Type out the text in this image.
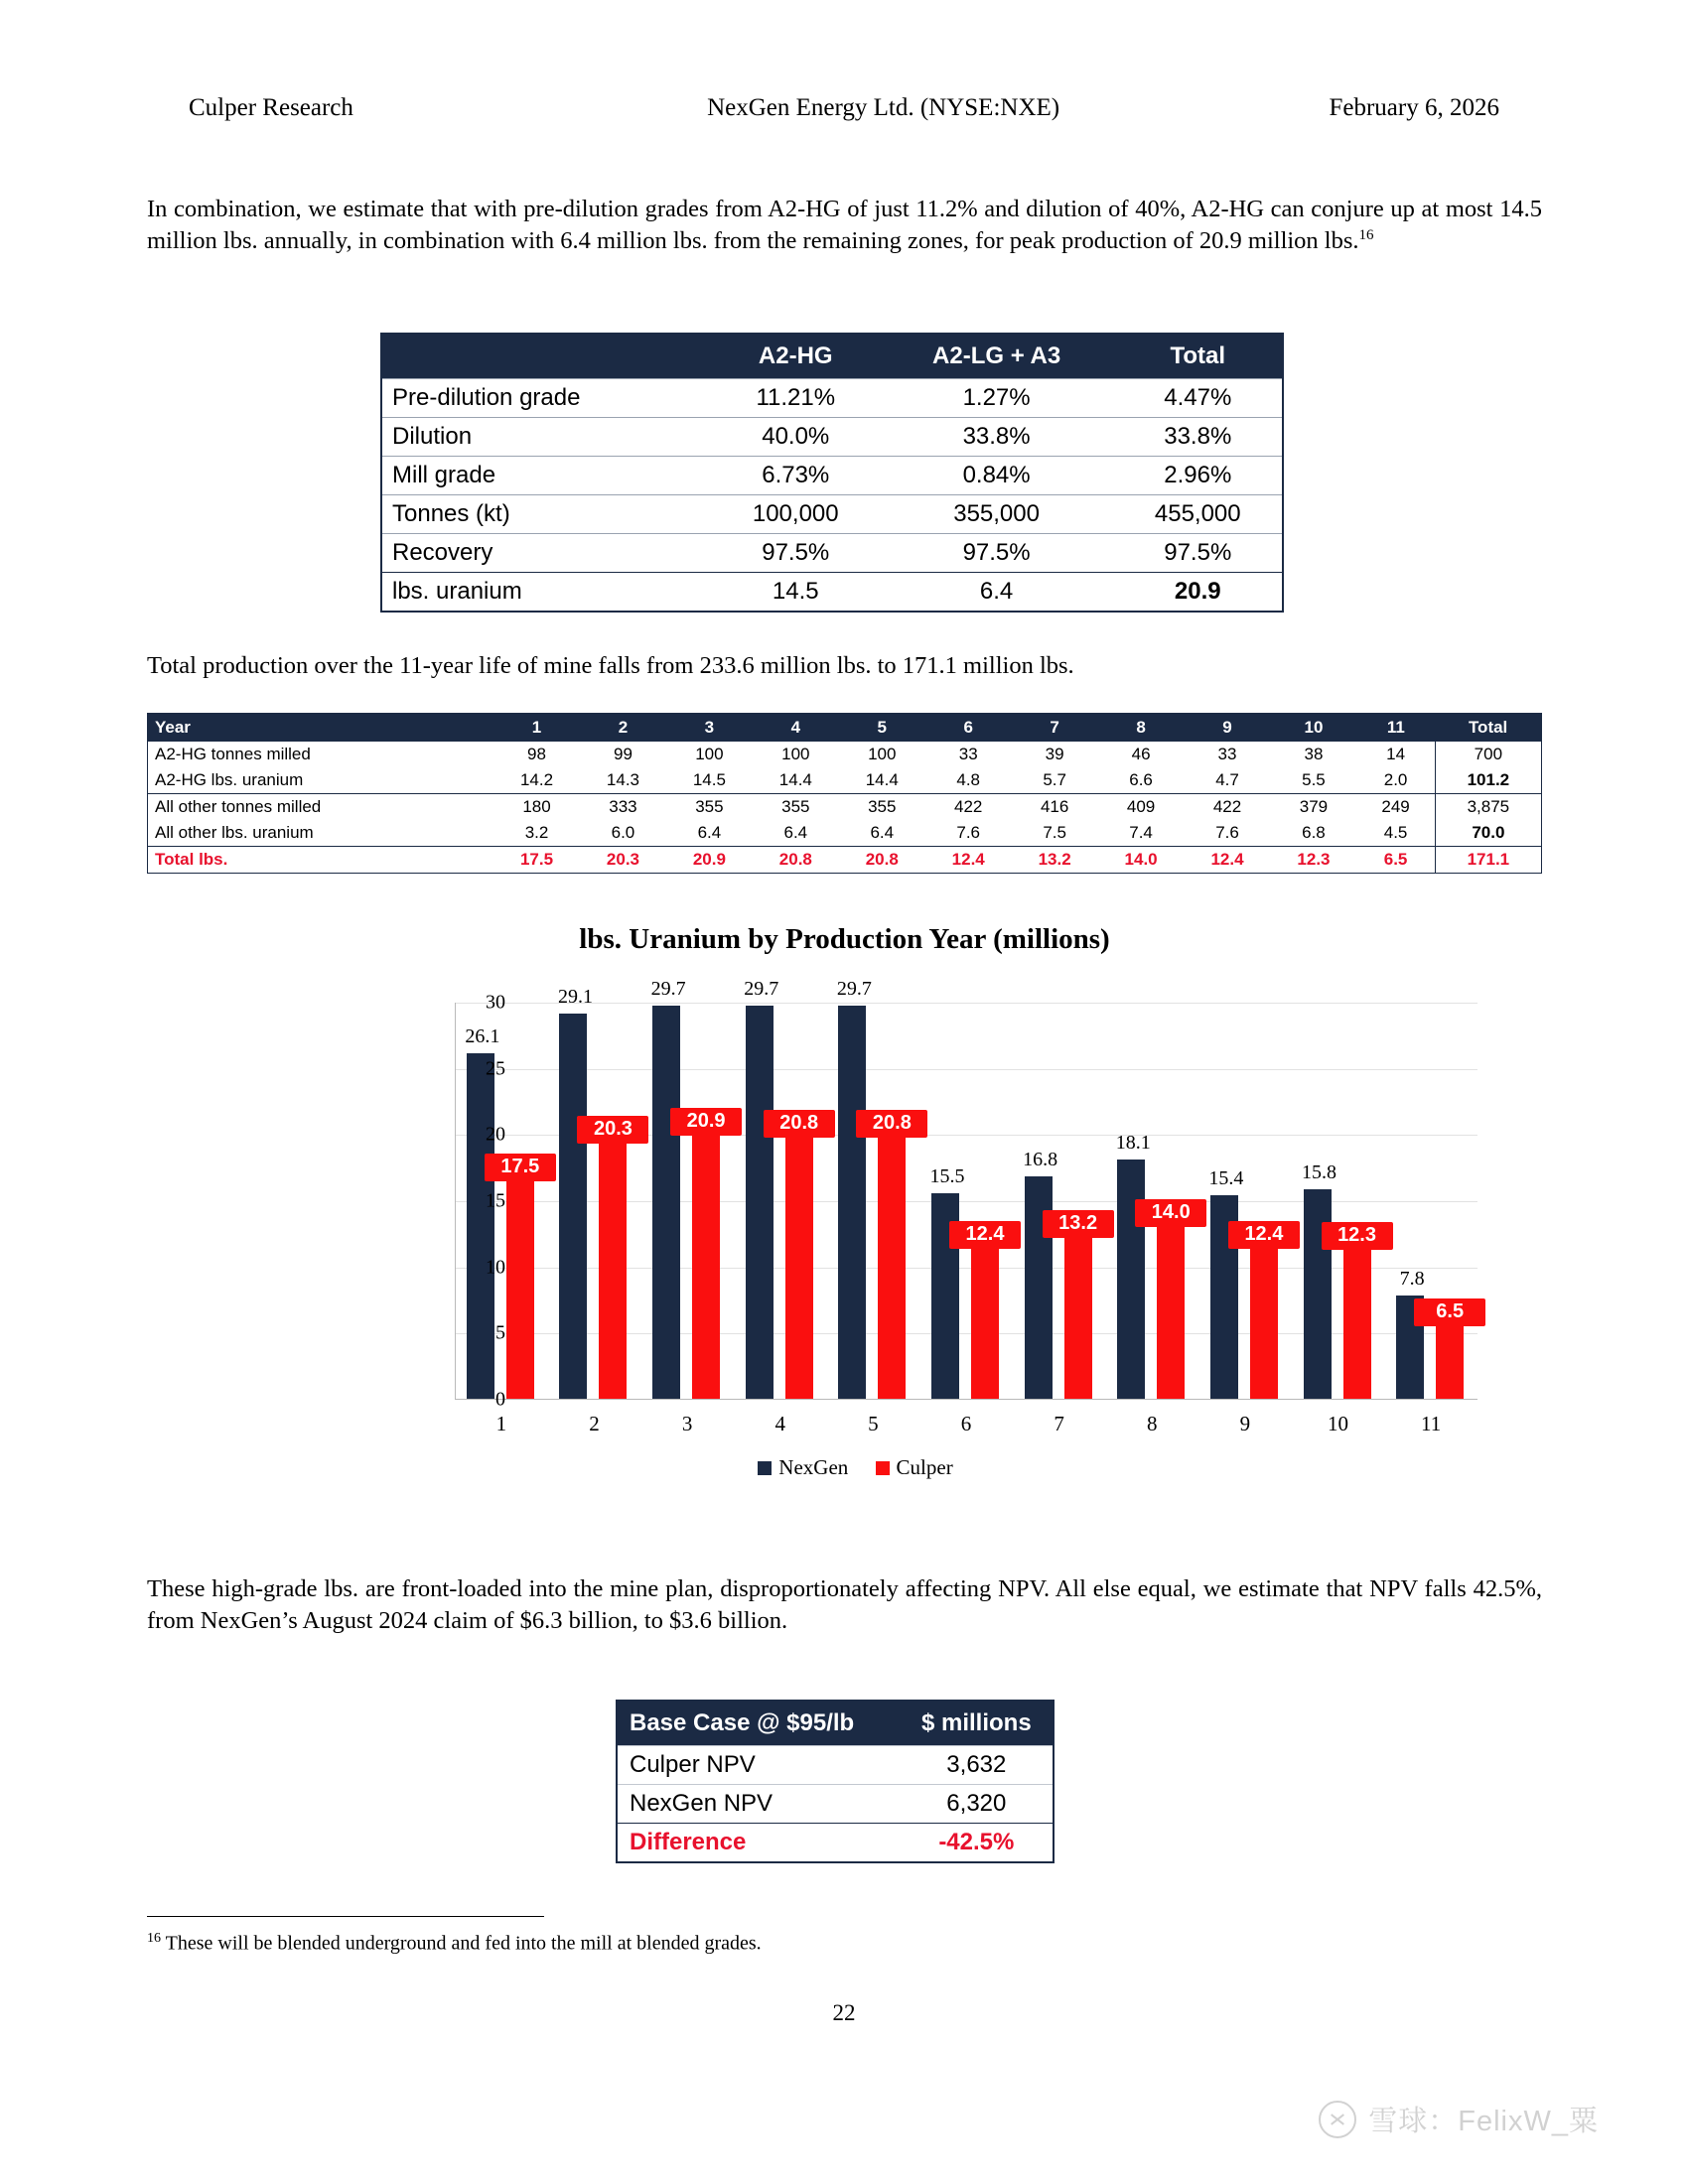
Culper Research	NexGen Energy Ltd. (NYSE:NXE)	February 6, 2026
In combination, we estimate that with pre-dilution grades from A2-HG of just 11.2% and dilution of 40%, A2-HG can conjure up at most 14.5 million lbs. annually, in combination with 6.4 million lbs. from the remaining zones, for peak production of 20.9 million lbs.$^{16}$
	A2-HG	A2-LG + A3	Total
Pre-dilution grade	11.21%	1.27%	4.47%
Dilution	40.0%	33.8%	33.8%
Mill grade	6.73%	0.84%	2.96%
Tonnes (kt)	100,000	355,000	455,000
Recovery	97.5%	97.5%	97.5%
lbs. uranium	14.5	6.4	20.9
Total production over the 11-year life of mine falls from 233.6 million lbs. to 171.1 million lbs.
Year	1	2	3	4	5	6	7	8	9	10	11	Total
A2-HG tonnes milled	98	99	100	100	100	33	39	46	33	38	14	700
A2-HG lbs. uranium	14.2	14.3	14.5	14.4	14.4	4.8	5.7	6.6	4.7	5.5	2.0	101.2
All other tonnes milled	180	333	355	355	355	422	416	409	422	379	249	3,875
All other lbs. uranium	3.2	6.0	6.4	6.4	6.4	7.6	7.5	7.4	7.6	6.8	4.5	70.0
Total lbs.	17.5	20.3	20.9	20.8	20.8	12.4	13.2	14.0	12.4	12.3	6.5	171.1
lbs. Uranium by Production Year (millions)
26.1
17.5
29.1
20.3
29.7
20.9
29.7
20.8
29.7
20.8
15.5
12.4
16.8
13.2
18.1
14.0
15.4
12.4
15.8
12.3
7.8
6.5
NexGen Culper
0
5
10
15
20
25
30
1	2	3	4	5	6	7	8	9	10	11
These high-grade lbs. are front-loaded into the mine plan, disproportionately affecting NPV. All else equal, we estimate that NPV falls 42.5%, from NexGen’s August 2024 claim of $6.3 billion, to $3.6 billion.
Base Case @ $95/lb	$ millions
Culper NPV	3,632
NexGen NPV	6,320
Difference	-42.5%
$^{16}$ These will be blended underground and fed into the mill at blended grades.
22
雪球：FelixW_粟
